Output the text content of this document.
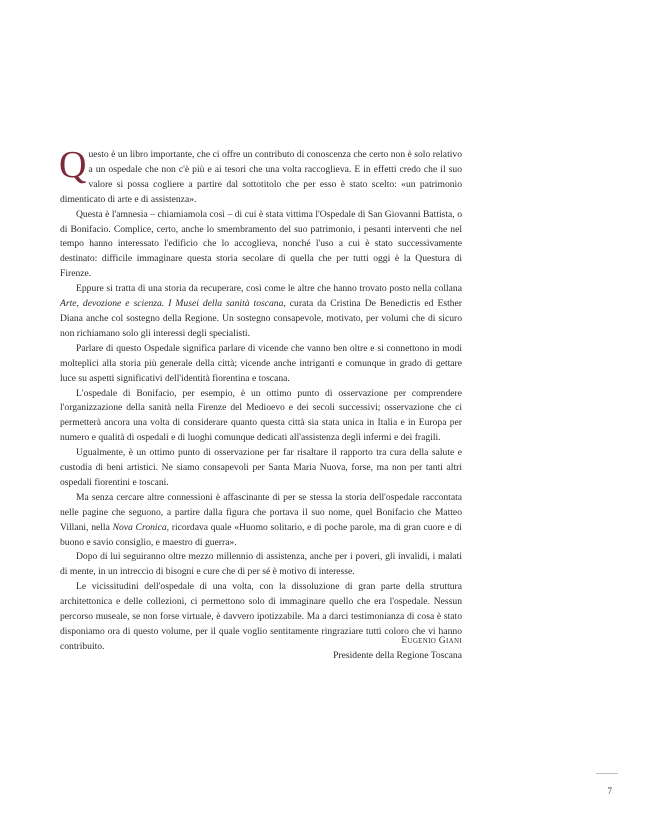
Questo è un libro importante, che ci offre un contributo di conoscenza che certo non è solo relativo a un ospedale che non c'è più e ai tesori che una volta raccoglieva. E in effetti credo che il suo valore si possa cogliere a partire dal sottotitolo che per esso è stato scelto: «un patrimonio dimenticato di arte e di assistenza».

Questa è l'amnesia – chiamiamola così – di cui è stata vittima l'Ospedale di San Giovanni Battista, o di Bonifacio. Complice, certo, anche lo smembramento del suo patrimonio, i pesanti interventi che nel tempo hanno interessato l'edificio che lo accoglieva, nonché l'uso a cui è stato successivamente destinato: difficile immaginare questa storia secolare di quella che per tutti oggi è la Questura di Firenze.

Eppure si tratta di una storia da recuperare, così come le altre che hanno trovato posto nella collana Arte, devozione e scienza. I Musei della sanità toscana, curata da Cristina De Benedictis ed Esther Diana anche col sostegno della Regione. Un sostegno consapevole, motivato, per volumi che di sicuro non richiamano solo gli interessi degli specialisti.

Parlare di questo Ospedale significa parlare di vicende che vanno ben oltre e si connettono in modi molteplici alla storia più generale della città; vicende anche intriganti e comunque in grado di gettare luce su aspetti significativi dell'identità fiorentina e toscana.

L'ospedale di Bonifacio, per esempio, è un ottimo punto di osservazione per comprendere l'organizzazione della sanità nella Firenze del Medioevo e dei secoli successivi; osservazione che ci permetterà ancora una volta di considerare quanto questa città sia stata unica in Italia e in Europa per numero e qualità di ospedali e di luoghi comunque dedicati all'assistenza degli infermi e dei fragili.

Ugualmente, è un ottimo punto di osservazione per far risaltare il rapporto tra cura della salute e custodia di beni artistici. Ne siamo consapevoli per Santa Maria Nuova, forse, ma non per tanti altri ospedali fiorentini e toscani.

Ma senza cercare altre connessioni è affascinante di per se stessa la storia dell'ospedale raccontata nelle pagine che seguono, a partire dalla figura che portava il suo nome, quel Bonifacio che Matteo Villani, nella Nova Cronica, ricordava quale «Huomo solitario, e di poche parole, ma di gran cuore e di buono e savio consiglio, e maestro di guerra».

Dopo di lui seguiranno oltre mezzo millennio di assistenza, anche per i poveri, gli invalidi, i malati di mente, in un intreccio di bisogni e cure che di per sé è motivo di interesse.

Le vicissitudini dell'ospedale di una volta, con la dissoluzione di gran parte della struttura architettonica e delle collezioni, ci permettono solo di immaginare quello che era l'ospedale. Nessun percorso museale, se non forse virtuale, è davvero ipotizzabile. Ma a darci testimonianza di cosa è stato disponiamo ora di questo volume, per il quale voglio sentitamente ringraziare tutti coloro che vi hanno contribuito.

Eugenio Giani
Presidente della Regione Toscana
7
